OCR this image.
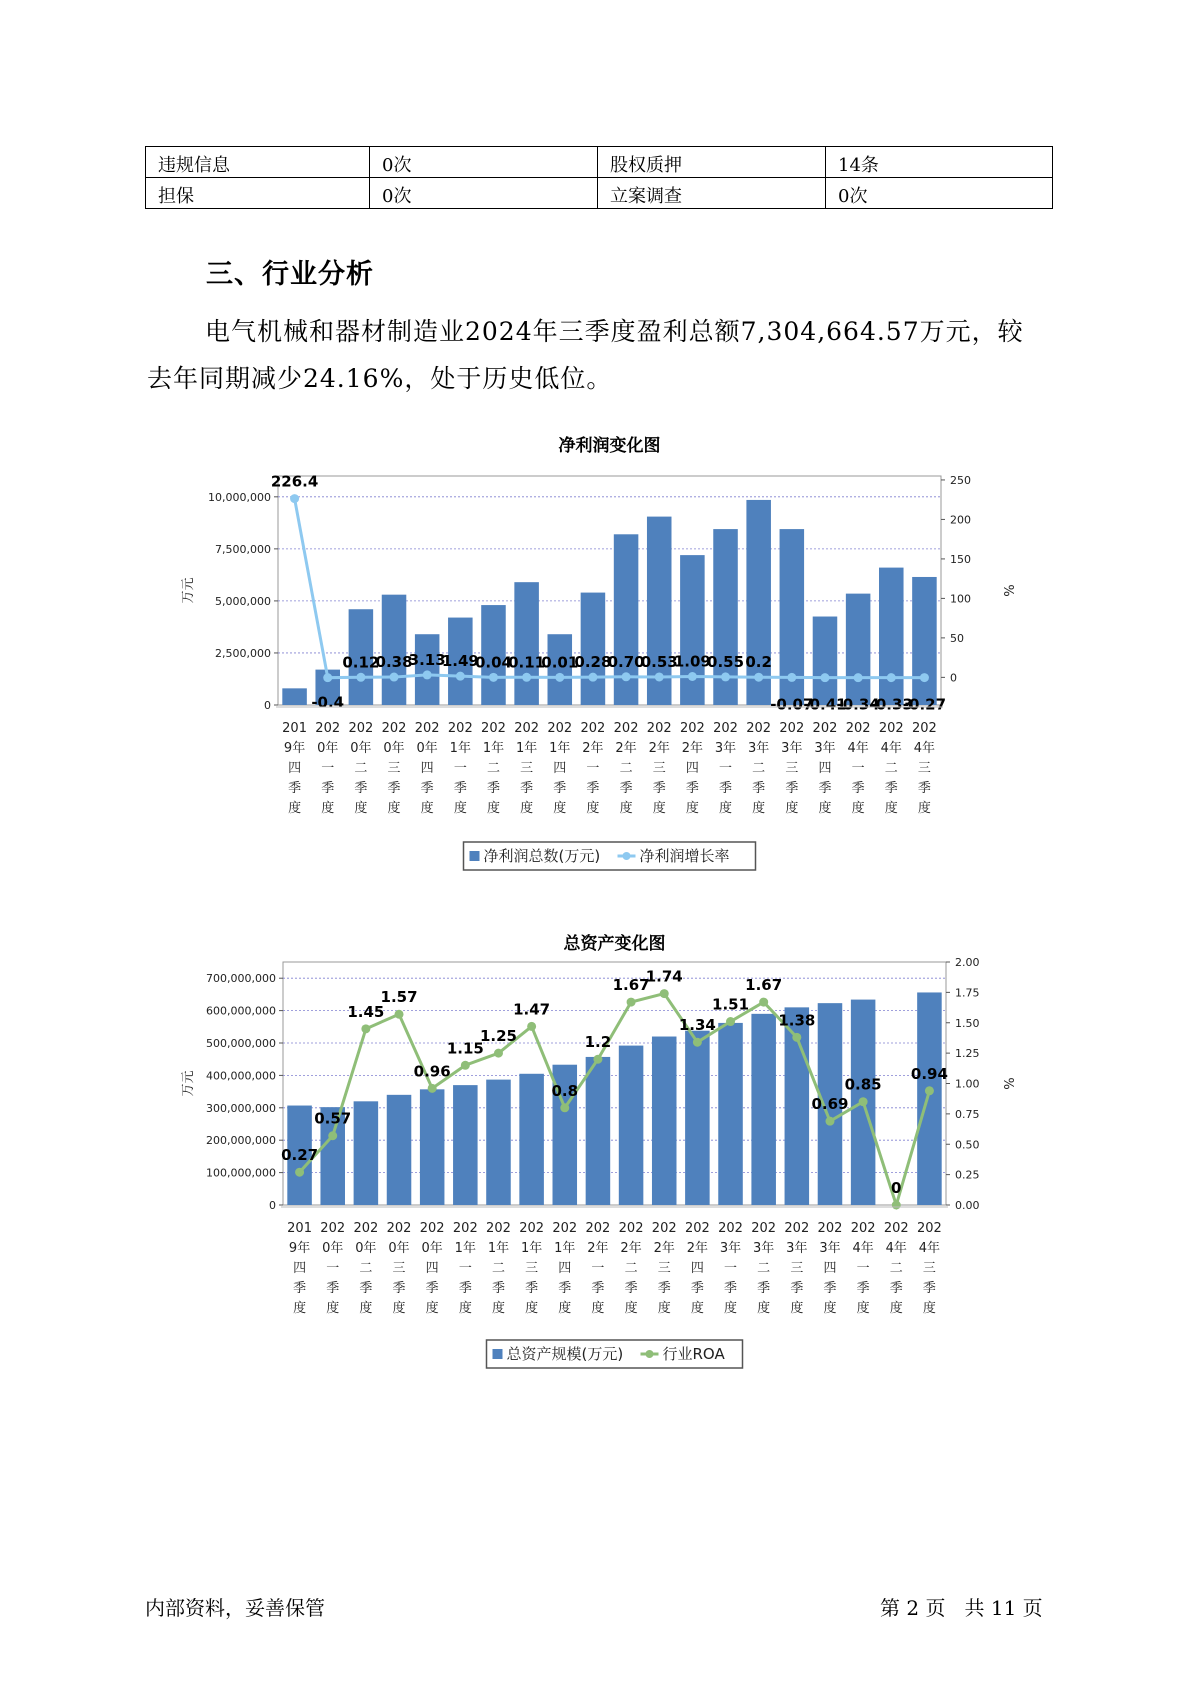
违规信息	0次	股权质押	14条
担保	0次	立案调查	0次
三、行业分析
电气机械和器材制造业2024年三季度盈利总额7,304,664.57万元，较去年同期减少24.16%，处于历史低位。
净利润变化图
0
2,500,000
5,000,000
7,500,000
10,000,000
0
50
100
150
200
250
万元	%
226.4
-0.4
0.12
0.38
3.13
1.49
0.04
0.11
0.01
0.28
0.70
0.53
1.09
0.55 0.2
-0.07
-0.41
-0.34
-0.33
-0.27
201
9年
四
季
度
202
0年
一
季
度
202
0年
二
季
度
202
0年
三
季
度
202
0年
四
季
度
202
1年
一
季
度
202
1年
二
季
度
202
1年
三
季
度
202
1年
四
季
度
202
2年
一
季
度
202
2年
二
季
度
202
2年
三
季
度
202
2年
四
季
度
202
3年
一
季
度
202
3年
二
季
度
202
3年
三
季
度
202
3年
四
季
度
202
4年
一
季
度
202
4年
二
季
度
202
4年
三
季
度
净利润总数(万元)	净利润增长率
总资产变化图
0
100,000,000
200,000,000
300,000,000
400,000,000
500,000,000
600,000,000
700,000,000
0.00
0.25
0.50
0.75
1.00
1.25
1.50
1.75
2.00
万元	%
0.27
0.57
1.45
1.57
0.96
1.15
1.25
1.47
0.8
1.2
1.67
1.74
1.34
1.51
1.67
1.38
0.69
0.85
0
0.94
201
9年
四
季
度
202
0年
一
季
度
202
0年
二
季
度
202
0年
三
季
度
202
0年
四
季
度
202
1年
一
季
度
202
1年
二
季
度
202
1年
三
季
度
202
1年
四
季
度
202
2年
一
季
度
202
2年
二
季
度
202
2年
三
季
度
202
2年
四
季
度
202
3年
一
季
度
202
3年
二
季
度
202
3年
三
季
度
202
3年
四
季
度
202
4年
一
季
度
202
4年
二
季
度
202
4年
三
季
度
总资产规模(万元)	行业ROA
内部资料，妥善保管	第 2 页   共 11 页
